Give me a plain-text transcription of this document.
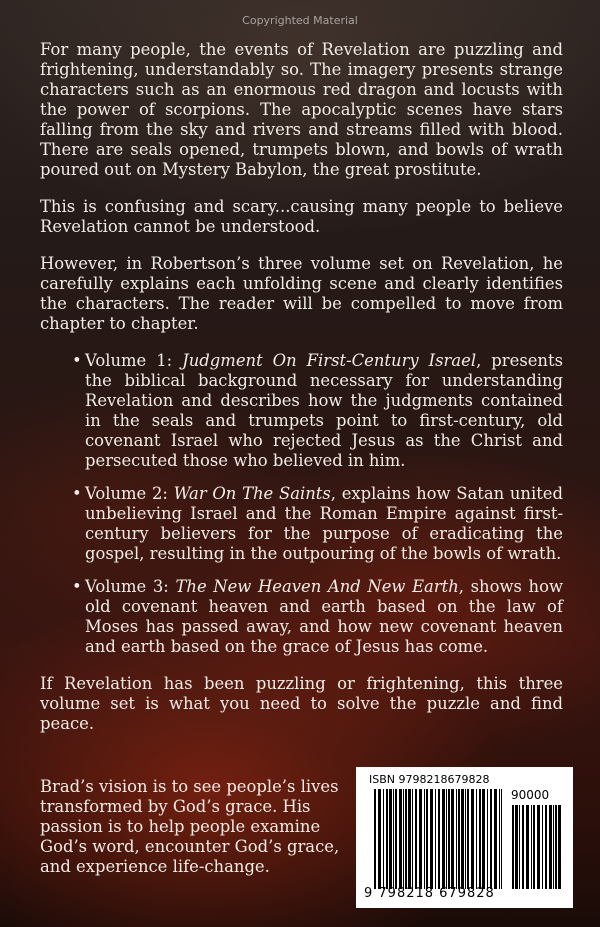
Copyrighted Material

For many people, the events of Revelation are puzzling and frightening, understandably so. The imagery presents strange characters such as an enormous red dragon and locusts with the power of scorpions. The apocalyptic scenes have stars falling from the sky and rivers and streams filled with blood. There are seals opened, trumpets blown, and bowls of wrath poured out on Mystery Babylon, the great prostitute.

This is confusing and scary...causing many people to believe Revelation cannot be understood.

However, in Robertson’s three volume set on Revelation, he carefully explains each unfolding scene and clearly identifies the characters. The reader will be compelled to move from chapter to chapter.

• Volume 1: Judgment On First-Century Israel, presents the biblical background necessary for understanding Revelation and describes how the judgments contained in the seals and trumpets point to first-century, old covenant Israel who rejected Jesus as the Christ and persecuted those who believed in him.
• Volume 2: War On The Saints, explains how Satan united unbelieving Israel and the Roman Empire against first-century believers for the purpose of eradicating the gospel, resulting in the outpouring of the bowls of wrath.
• Volume 3: The New Heaven And New Earth, shows how old covenant heaven and earth based on the law of Moses has passed away, and how new covenant heaven and earth based on the grace of Jesus has come.

If Revelation has been puzzling or frightening, this three volume set is what you need to solve the puzzle and find peace.

Brad’s vision is to see people’s lives transformed by God’s grace. His passion is to help people examine God’s word, encounter God’s grace, and experience life-change.
ISBN 9798218679828
90000
9 798218 679828
